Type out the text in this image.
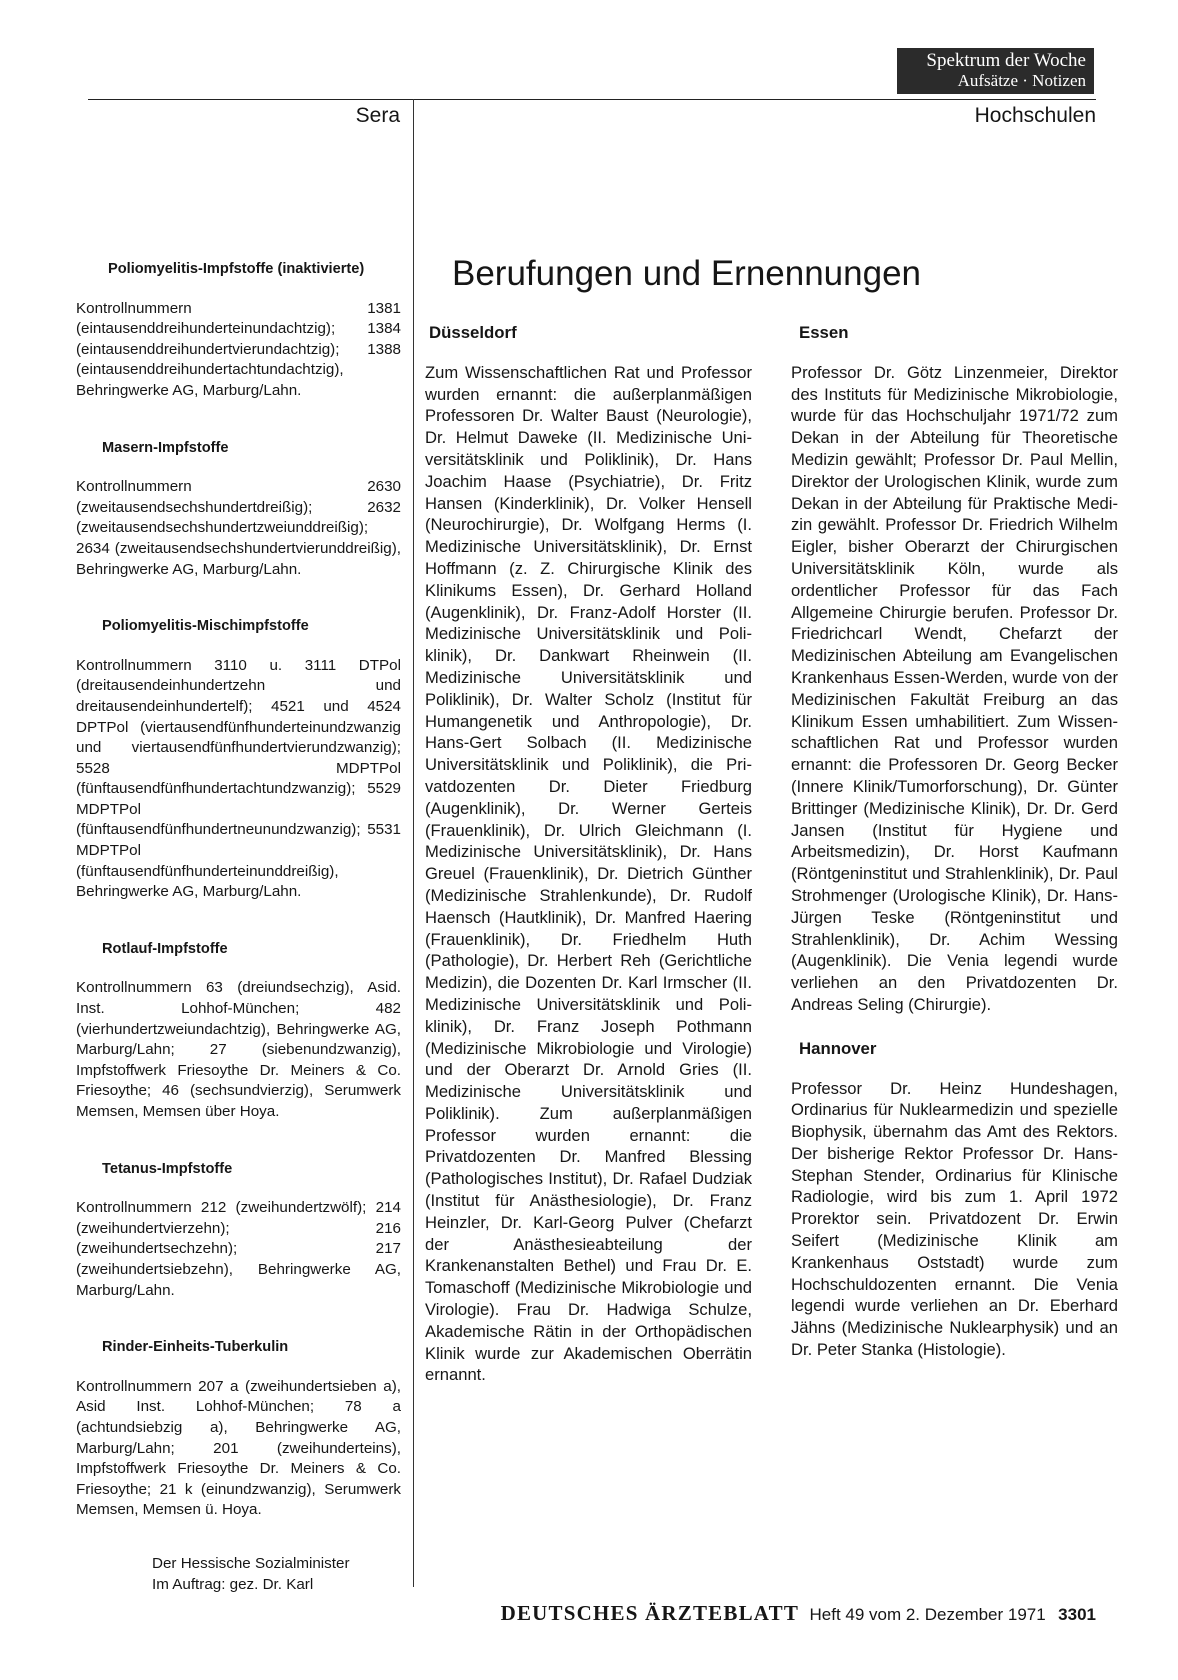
Spektrum der Woche
Aufsätze · Notizen
Sera	Hochschulen
Poliomyelitis-Impfstoffe (inaktivierte)

Kontrollnummern 1381 (eintausenddreihunderteinundachtzig); 1384 (eintausenddreihundertvierundachtzig); 1388 (eintausenddreihundertachtundachtzig), Behringwerke AG, Marburg/Lahn.

Masern-Impfstoffe

Kontrollnummern 2630 (zweitausendsechshundertdreißig); 2632 (zweitausendsechshundertzweiunddreißig); 2634 (zweitausendsechshundertvierunddreißig), Behringwerke AG, Marburg/Lahn.

Poliomyelitis-Mischimpfstoffe

Kontrollnummern 3110 u. 3111 DTPol (dreitausendeinhundertzehn und dreitausendeinhundertelf); 4521 und 4524 DPTPol (viertausendfünfhunderteinundzwanzig und viertausendfünfhundertvierundzwanzig); 5528 MDPTPol (fünftausendfünfhundertachtundzwanzig); 5529 MDPTPol (fünftausendfünfhundertneunundzwanzig); 5531 MDPTPol (fünftausendfünfhunderteinunddreißig), Behringwerke AG, Marburg/Lahn.

Rotlauf-Impfstoffe

Kontrollnummern 63 (dreiundsechzig), Asid. Inst. Lohhof-München; 482 (vierhundertzweiundachtzig), Behringwerke AG, Marburg/Lahn; 27 (siebenundzwanzig), Impfstoffwerk Friesoythe Dr. Meiners & Co. Friesoythe; 46 (sechsundvierzig), Serumwerk Memsen, Memsen über Hoya.

Tetanus-Impfstoffe

Kontrollnummern 212 (zweihundertzwölf); 214 (zweihundertvierzehn); 216 (zweihundertsechzehn); 217 (zweihundertsiebzehn), Behringwerke AG, Marburg/Lahn.

Rinder-Einheits-Tuberkulin

Kontrollnummern 207 a (zweihundertsieben a), Asid Inst. Lohhof-München; 78 a (achtundsiebzig a), Behringwerke AG, Marburg/Lahn; 201 (zweihunderteins), Impfstoffwerk Friesoythe Dr. Meiners & Co. Friesoythe; 21 k (einundzwanzig), Serumwerk Memsen, Memsen ü. Hoya.

Der Hessische Sozialminister
Im Auftrag: gez. Dr. Karl
Berufungen und Ernennungen
Düsseldorf

Zum Wissenschaftlichen Rat und Professor wurden ernannt: die außerplanmäßigen Professoren Dr. Walter Baust (Neurologie), Dr. Helmut Daweke (II. Medizinische Universitätsklinik und Poliklinik), Dr. Hans Joachim Haase (Psychiatrie), Dr. Fritz Hansen (Kinderklinik), Dr. Volker Hensell (Neurochirurgie), Dr. Wolfgang Herms (I. Medizinische Universitätsklinik), Dr. Ernst Hoffmann (z. Z. Chirurgische Klinik des Klinikums Essen), Dr. Gerhard Holland (Augenklinik), Dr. Franz-Adolf Horster (II. Medizinische Universitätsklinik und Poliklinik), Dr. Dankwart Rheinwein (II. Medizinische Universitätsklinik und Poliklinik), Dr. Walter Scholz (Institut für Humangenetik und Anthropologie), Dr. Hans-Gert Solbach (II. Medizinische Universitätsklinik und Poliklinik), die Privatdozenten Dr. Dieter Friedburg (Augenklinik), Dr. Werner Gerteis (Frauenklinik), Dr. Ulrich Gleichmann (I. Medizinische Universitätsklinik), Dr. Hans Greuel (Frauenklinik), Dr. Dietrich Günther (Medizinische Strahlenkunde), Dr. Rudolf Haensch (Hautklinik), Dr. Manfred Haering (Frauenklinik), Dr. Friedhelm Huth (Pathologie), Dr. Herbert Reh (Gerichtliche Medizin), die Dozenten Dr. Karl Irmscher (II. Medizinische Universitätsklinik und Poliklinik), Dr. Franz Joseph Pothmann (Medizinische Mikrobiologie und Virologie) und der Oberarzt Dr. Arnold Gries (II. Medizinische Universitätsklinik und Poliklinik). Zum außerplanmäßigen Professor wurden ernannt: die Privatdozenten Dr. Manfred Blessing (Pathologisches Institut), Dr. Rafael Dudziak (Institut für Anästhesiologie), Dr. Franz Heinzler, Dr. Karl-Georg Pulver (Chefarzt der Anästhesieabteilung der Krankenanstalten Bethel) und Frau Dr. E. Tomaschoff (Medizinische Mikrobiologie und Virologie). Frau Dr. Hadwiga Schulze, Akademische Rätin in der Orthopädischen Klinik wurde zur Akademischen Oberrätin ernannt.

Essen

Professor Dr. Götz Linzenmeier, Direktor des Instituts für Medizinische Mikrobiologie, wurde für das Hochschuljahr 1971/72 zum Dekan in der Abteilung für Theoretische Medizin gewählt; Professor Dr. Paul Mellin, Direktor der Urologischen Klinik, wurde zum Dekan in der Abteilung für Praktische Medizin gewählt. Professor Dr. Friedrich Wilhelm Eigler, bisher Oberarzt der Chirurgischen Universitätsklinik Köln, wurde als ordentlicher Professor für das Fach Allgemeine Chirurgie berufen. Professor Dr. Friedrichcarl Wendt, Chefarzt der Medizinischen Abteilung am Evangelischen Krankenhaus Essen-Werden, wurde von der Medizinischen Fakultät Freiburg an das Klinikum Essen umhabilitiert. Zum Wissenschaftlichen Rat und Professor wurden ernannt: die Professoren Dr. Georg Becker (Innere Klinik/Tumorforschung), Dr. Günter Brittinger (Medizinische Klinik), Dr. Dr. Gerd Jansen (Institut für Hygiene und Arbeitsmedizin), Dr. Horst Kaufmann (Röntgeninstitut und Strahlenklinik), Dr. Paul Strohmenger (Urologische Klinik), Dr. Hans-Jürgen Teske (Röntgeninstitut und Strahlenklinik), Dr. Achim Wessing (Augenklinik). Die Venia legendi wurde verliehen an den Privatdozenten Dr. Andreas Seling (Chirurgie).

Hannover

Professor Dr. Heinz Hundeshagen, Ordinarius für Nuklearmedizin und spezielle Biophysik, übernahm das Amt des Rektors. Der bisherige Rektor Professor Dr. Hans-Stephan Stender, Ordinarius für Klinische Radiologie, wird bis zum 1. April 1972 Prorektor sein. Privatdozent Dr. Erwin Seifert (Medizinische Klinik am Krankenhaus Oststadt) wurde zum Hochschuldozenten ernannt. Die Venia legendi wurde verliehen an Dr. Eberhard Jähns (Medizinische Nuklearphysik) und an Dr. Peter Stanka (Histologie).

DEUTSCHES ÄRZTEBLATT Heft 49 vom 2. Dezember 1971 3301
